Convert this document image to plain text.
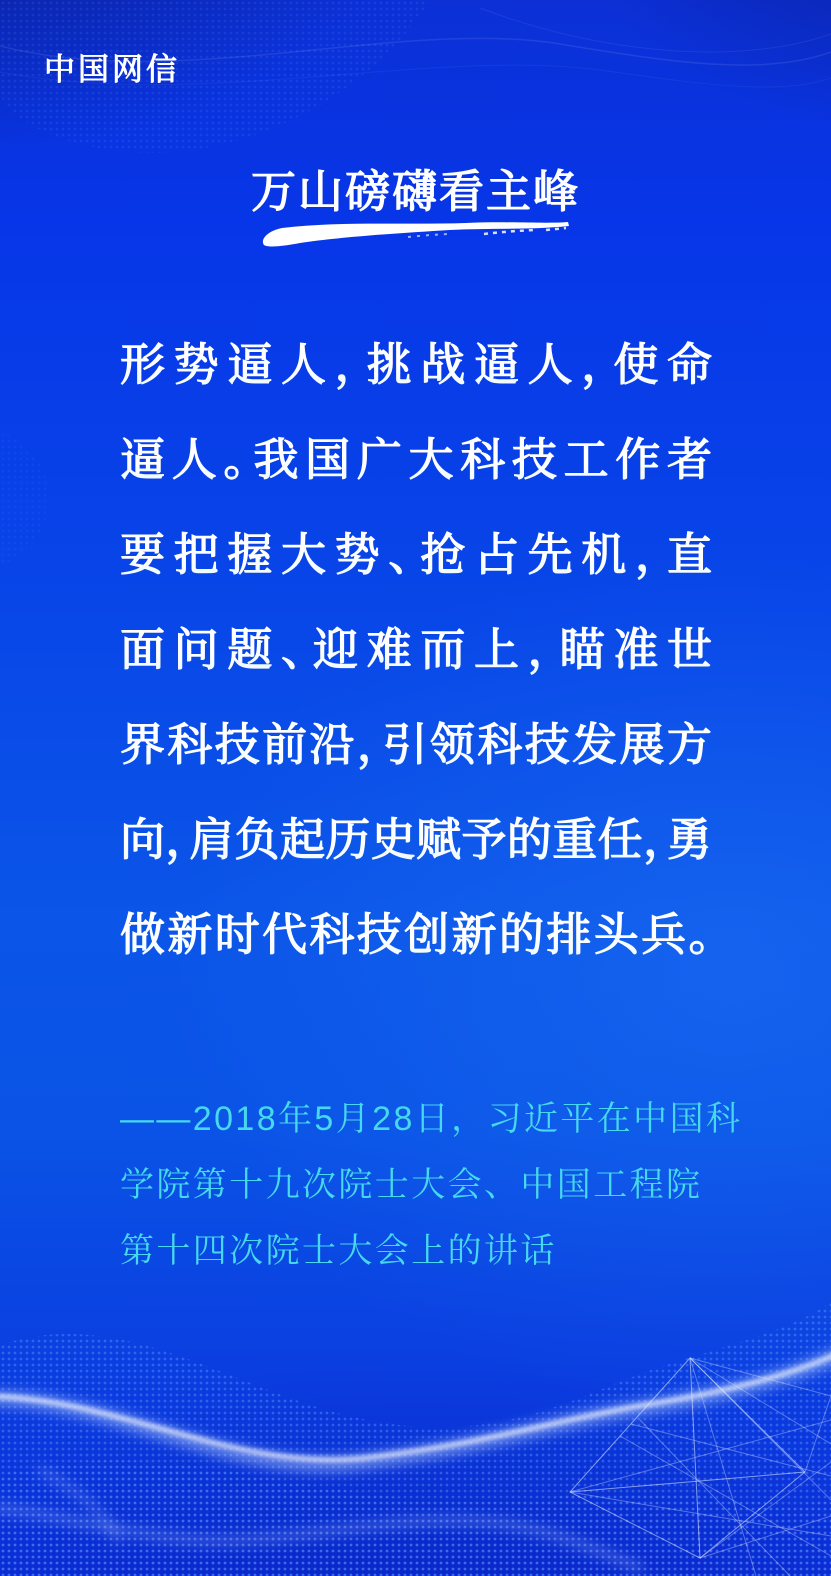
中国网信
万山磅礴看主峰
形 势 逼 人 ，
挑 战 逼 人 ，
使 命
逼 人 。
我 国 广 大 科 技 工 作 者
要 把 握 大 势 、
抢 占 先 机 ，
直
面 问 题 、
迎 难 而 上 ，
瞄 准 世
界 科 技 前 沿 ，
引 领 科 技 发 展 方
向 ，
肩 负 起 历 史 赋 予 的 重 任 ，
勇
做 新 时 代 科 技 创 新 的 排 头 兵 。
——2018年5月28日，习近平在中国科
学院第十九次院士大会、中国工程院
第十四次院士大会上的讲话
